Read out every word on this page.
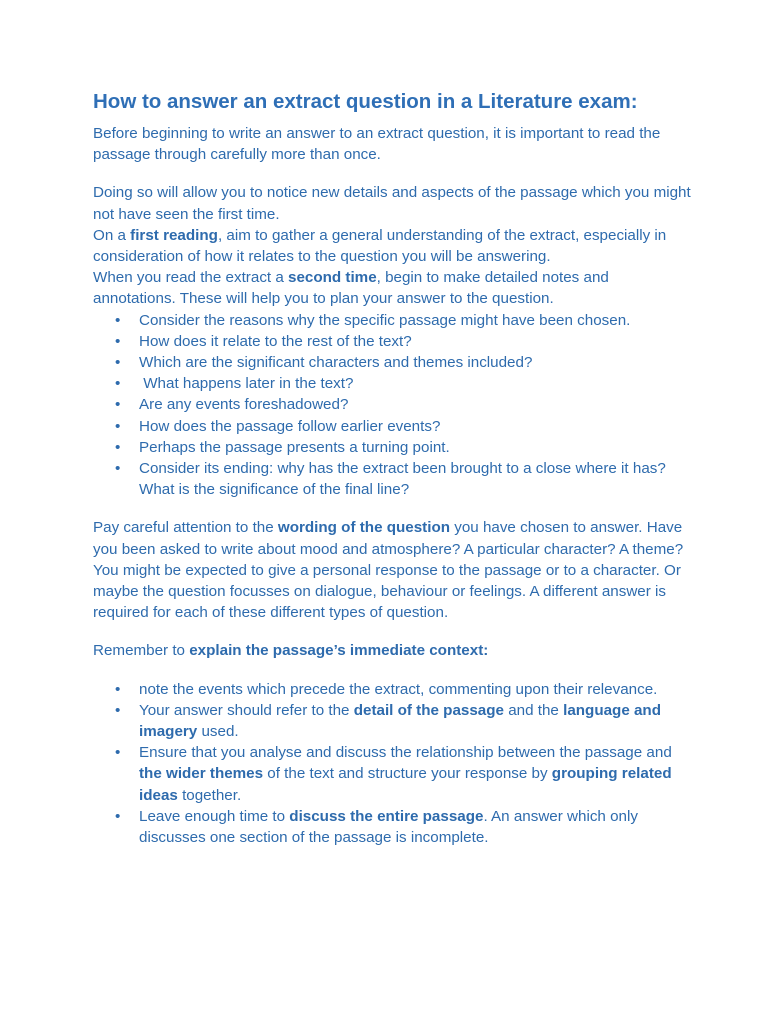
How to answer an extract question in a Literature exam:

Before beginning to write an answer to an extract question, it is important to read the passage through carefully more than once.

Doing so will allow you to notice new details and aspects of the passage which you might not have seen the first time.

On a first reading, aim to gather a general understanding of the extract, especially in consideration of how it relates to the question you will be answering.

When you read the extract a second time, begin to make detailed notes and annotations. These will help you to plan your answer to the question.

• Consider the reasons why the specific passage might have been chosen.
• How does it relate to the rest of the text?
• Which are the significant characters and themes included?
• What happens later in the text?
• Are any events foreshadowed?
• How does the passage follow earlier events?
• Perhaps the passage presents a turning point.
• Consider its ending: why has the extract been brought to a close where it has? What is the significance of the final line?

Pay careful attention to the wording of the question you have chosen to answer. Have you been asked to write about mood and atmosphere? A particular character? A theme? You might be expected to give a personal response to the passage or to a character. Or maybe the question focusses on dialogue, behaviour or feelings. A different answer is required for each of these different types of question.

Remember to explain the passage’s immediate context:

• note the events which precede the extract, commenting upon their relevance.
• Your answer should refer to the detail of the passage and the language and imagery used.
• Ensure that you analyse and discuss the relationship between the passage and the wider themes of the text and structure your response by grouping related ideas together.
• Leave enough time to discuss the entire passage. An answer which only discusses one section of the passage is incomplete.
